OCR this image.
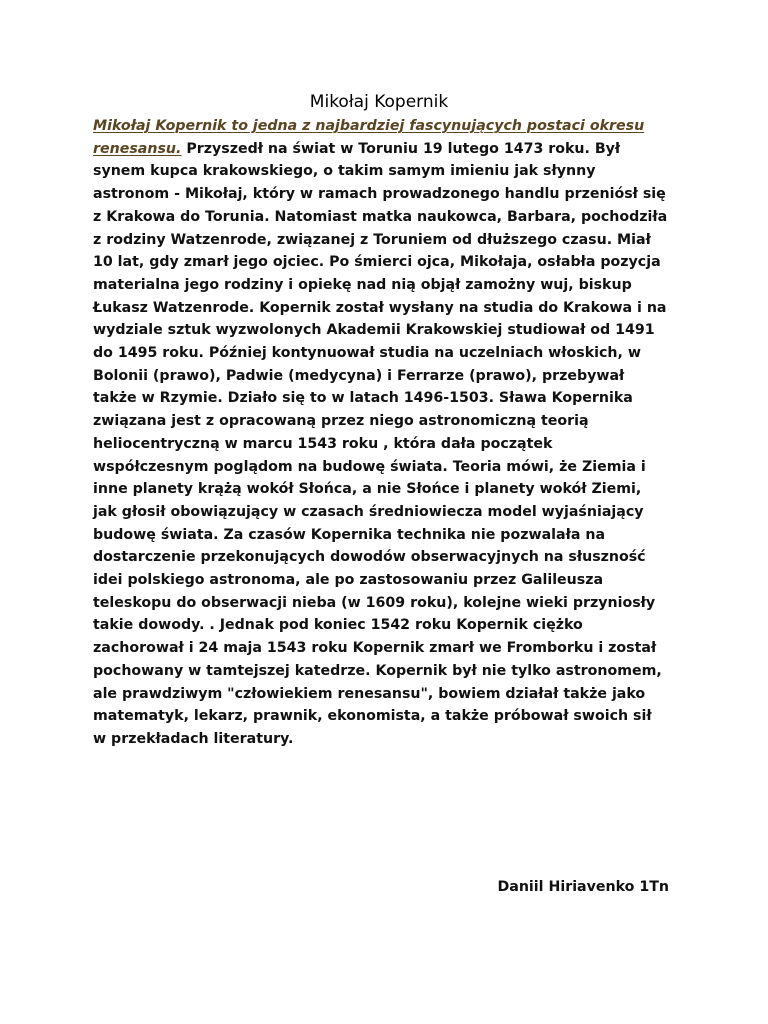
Mikołaj Kopernik

Mikołaj Kopernik to jedna z najbardziej fascynujących postaci okresu renesansu. Przyszedł na świat w Toruniu 19 lutego 1473 roku. Był synem kupca krakowskiego, o takim samym imieniu jak słynny astronom - Mikołaj, który w ramach prowadzonego handlu przeniósł się z Krakowa do Torunia. Natomiast matka naukowca, Barbara, pochodziła z rodziny Watzenrode, związanej z Toruniem od dłuższego czasu. Miał 10 lat, gdy zmarł jego ojciec. Po śmierci ojca, Mikołaja, osłabła pozycja materialna jego rodziny i opiekę nad nią objął zamożny wuj, biskup Łukasz Watzenrode. Kopernik został wysłany na studia do Krakowa i na wydziale sztuk wyzwolonych Akademii Krakowskiej studiował od 1491 do 1495 roku. Później kontynuował studia na uczelniach włoskich, w Bolonii (prawo), Padwie (medycyna) i Ferrarze (prawo), przebywał także w Rzymie. Działo się to w latach 1496-1503. Sława Kopernika związana jest z opracowaną przez niego astronomiczną teorią heliocentryczną w marcu 1543 roku , która dała początek współczesnym poglądom na budowę świata. Teoria mówi, że Ziemia i inne planety krążą wokół Słońca, a nie Słońce i planety wokół Ziemi, jak głosił obowiązujący w czasach średniowiecza model wyjaśniający budowę świata. Za czasów Kopernika technika nie pozwalała na dostarczenie przekonujących dowodów obserwacyjnych na słuszność idei polskiego astronoma, ale po zastosowaniu przez Galileusza teleskopu do obserwacji nieba (w 1609 roku), kolejne wieki przyniosły takie dowody. . Jednak pod koniec 1542 roku Kopernik ciężko zachorował i 24 maja 1543 roku Kopernik zmarł we Fromborku i został pochowany w tamtejszej katedrze. Kopernik był nie tylko astronomem, ale prawdziwym "człowiekiem renesansu", bowiem działał także jako matematyk, lekarz, prawnik, ekonomista, a także próbował swoich sił w przekładach literatury.

Daniil Hiriavenko 1Tn
